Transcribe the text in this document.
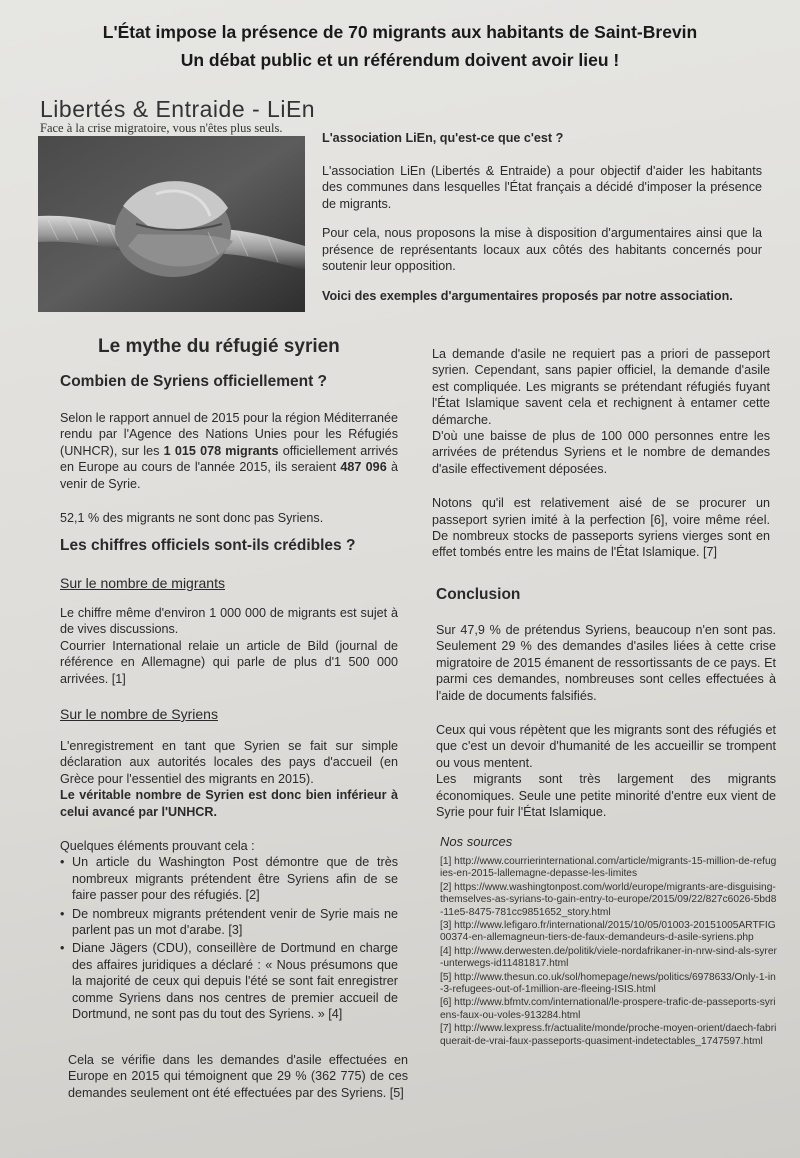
L'État impose la présence de 70 migrants aux habitants de Saint-Brevin
Un débat public et un référendum doivent avoir lieu !
Libertés & Entraide - LiEn
Face à la crise migratoire, vous n'êtes plus seuls.

L'association LiEn, qu'est-ce que c'est ?

L'association LiEn (Libertés & Entraide) a pour objectif d'aider les habitants des communes dans lesquelles l'État français a décidé d'imposer la présence de migrants.

Pour cela, nous proposons la mise à disposition d'argumentaires ainsi que la présence de représentants locaux aux côtés des habitants concernés pour soutenir leur opposition.

Voici des exemples d'argumentaires proposés par notre association.

Le mythe du réfugié syrien
Combien de Syriens officiellement ?

Selon le rapport annuel de 2015 pour la région Méditerranée rendu par l'Agence des Nations Unies pour les Réfugiés (UNHCR), sur les 1 015 078 migrants officiellement arrivés en Europe au cours de l'année 2015, ils seraient 487 096 à venir de Syrie.

52,1 % des migrants ne sont donc pas Syriens.

Les chiffres officiels sont-ils crédibles ?
Sur le nombre de migrants

Le chiffre même d'environ 1 000 000 de migrants est sujet à de vives discussions.

Courrier International relaie un article de Bild (journal de référence en Allemagne) qui parle de plus d'1 500 000 arrivées. [1]

Sur le nombre de Syriens

L'enregistrement en tant que Syrien se fait sur simple déclaration aux autorités locales des pays d'accueil (en Grèce pour l'essentiel des migrants en 2015).

Le véritable nombre de Syrien est donc bien inférieur à celui avancé par l'UNHCR.

Quelques éléments prouvant cela :

• Un article du Washington Post démontre que de très nombreux migrants prétendent être Syriens afin de se faire passer pour des réfugiés. [2]
• De nombreux migrants prétendent venir de Syrie mais ne parlent pas un mot d'arabe. [3]
• Diane Jägers (CDU), conseillère de Dortmund en charge des affaires juridiques a déclaré : « Nous présumons que la majorité de ceux qui depuis l'été se sont fait enregistrer comme Syriens dans nos centres de premier accueil de Dortmund, ne sont pas du tout des Syriens. » [4]

Cela se vérifie dans les demandes d'asile effectuées en Europe en 2015 qui témoignent que 29 % (362 775) de ces demandes seulement ont été effectuées par des Syriens. [5]

La demande d'asile ne requiert pas a priori de passeport syrien. Cependant, sans papier officiel, la demande d'asile est compliquée. Les migrants se prétendant réfugiés fuyant l'État Islamique savent cela et rechignent à entamer cette démarche.

D'où une baisse de plus de 100 000 personnes entre les arrivées de prétendus Syriens et le nombre de demandes d'asile effectivement déposées.

Notons qu'il est relativement aisé de se procurer un passeport syrien imité à la perfection [6], voire même réel. De nombreux stocks de passeports syriens vierges sont en effet tombés entre les mains de l'État Islamique. [7]

Conclusion

Sur 47,9 % de prétendus Syriens, beaucoup n'en sont pas. Seulement 29 % des demandes d'asiles liées à cette crise migratoire de 2015 émanent de ressortissants de ce pays. Et parmi ces demandes, nombreuses sont celles effectuées à l'aide de documents falsifiés.

Ceux qui vous répètent que les migrants sont des réfugiés et que c'est un devoir d'humanité de les accueillir se trompent ou vous mentent.

Les migrants sont très largement des migrants économiques. Seule une petite minorité d'entre eux vient de Syrie pour fuir l'État Islamique.

Nos sources
[1] http://www.courrierinternational.com/article/migrants-15-million-de-refugies-en-2015-lallemagne-depasse-les-limites
[2] https://www.washingtonpost.com/world/europe/migrants-are-disguising-themselves-as-syrians-to-gain-entry-to-europe/2015/09/22/827c6026-5bd8-11e5-8475-781cc9851652_story.html
[3] http://www.lefigaro.fr/international/2015/10/05/01003-20151005ARTFIG00374-en-allemagneun-tiers-de-faux-demandeurs-d-asile-syriens.php
[4] http://www.derwesten.de/politik/viele-nordafrikaner-in-nrw-sind-als-syrer-unterwegs-id11481817.html
[5] http://www.thesun.co.uk/sol/homepage/news/politics/6978633/Only-1-in-3-refugees-out-of-1million-are-fleeing-ISIS.html
[6] http://www.bfmtv.com/international/le-prospere-trafic-de-passeports-syriens-faux-ou-voles-913284.html
[7] http://www.lexpress.fr/actualite/monde/proche-moyen-orient/daech-fabriquerait-de-vrai-faux-passeports-quasiment-indetectables_1747597.html
